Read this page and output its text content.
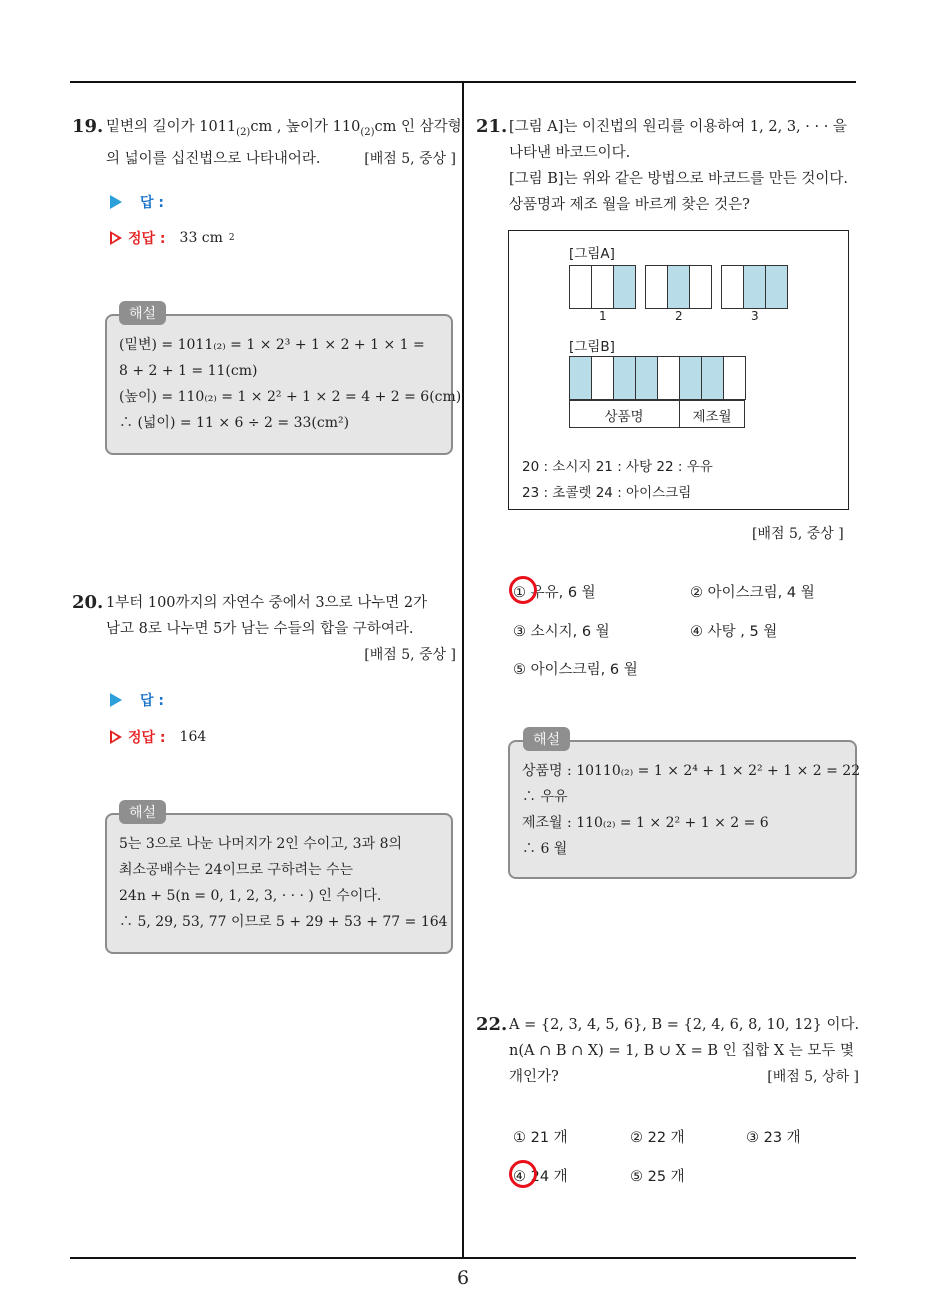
19. 밑변의 길이가 $1011_{(2)}cm$ , 높이가 $110_{(2)}cm$ 인 삼각형
의 넓이를 십진법으로 나타내어라.	[배점 5, 중상 ]
답 :
정답 : 33 cm 2
(밑변) = 1011₍₂₎ = 1 × 2³ + 1 × 2 + 1 × 1 =
8 + 2 + 1 = 11(cm)
(높이) = 110₍₂₎ = 1 × 2² + 1 × 2 = 4 + 2 = 6(cm)
∴ (넓이) = 11 × 6 ÷ 2 = 33(cm²)
해설
20. 1부터 100까지의 자연수 중에서 3으로 나누면 2가
남고 8로 나누면 5가 남는 수들의 합을 구하여라.
[배점 5, 중상 ]
답 :
정답 : 164
5는 3으로 나눈 나머지가 2인 수이고, 3과 8의
최소공배수는 24이므로 구하려는 수는
24n + 5(n = 0, 1, 2, 3, · · · ) 인 수이다.
∴ 5, 29, 53, 77 이므로 5 + 29 + 53 + 77 = 164
해설
21. [그림 A]는 이진법의 원리를 이용하여 1, 2, 3, · · · 을
나타낸 바코드이다.
[그림 B]는 위와 같은 방법으로 바코드를 만든 것이다.
상품명과 제조 월을 바르게 찾은 것은?
[그림A]
1	2	3
[그림B]
상품명	제조월
20 : 소시지 21 : 사탕 22 : 우유
23 : 초콜렛 24 : 아이스크림
[배점 5, 중상 ]
① 우유, 6 월	② 아이스크림, 4 월
③ 소시지, 6 월	④ 사탕 , 5 월
⑤ 아이스크림, 6 월
상품명 : 10110₍₂₎ = 1 × 2⁴ + 1 × 2² + 1 × 2 = 22
∴ 우유
제조월 : 110₍₂₎ = 1 × 2² + 1 × 2 = 6
∴ 6 월
해설
22. A = {2, 3, 4, 5, 6}, B = {2, 4, 6, 8, 10, 12} 이다.
n(A ∩ B ∩ X) = 1, B ∪ X = B 인 집합 X 는 모두 몇
개인가?	[배점 5, 상하 ]
① 21 개	② 22 개	③ 23 개
④ 24 개	⑤ 25 개
6
